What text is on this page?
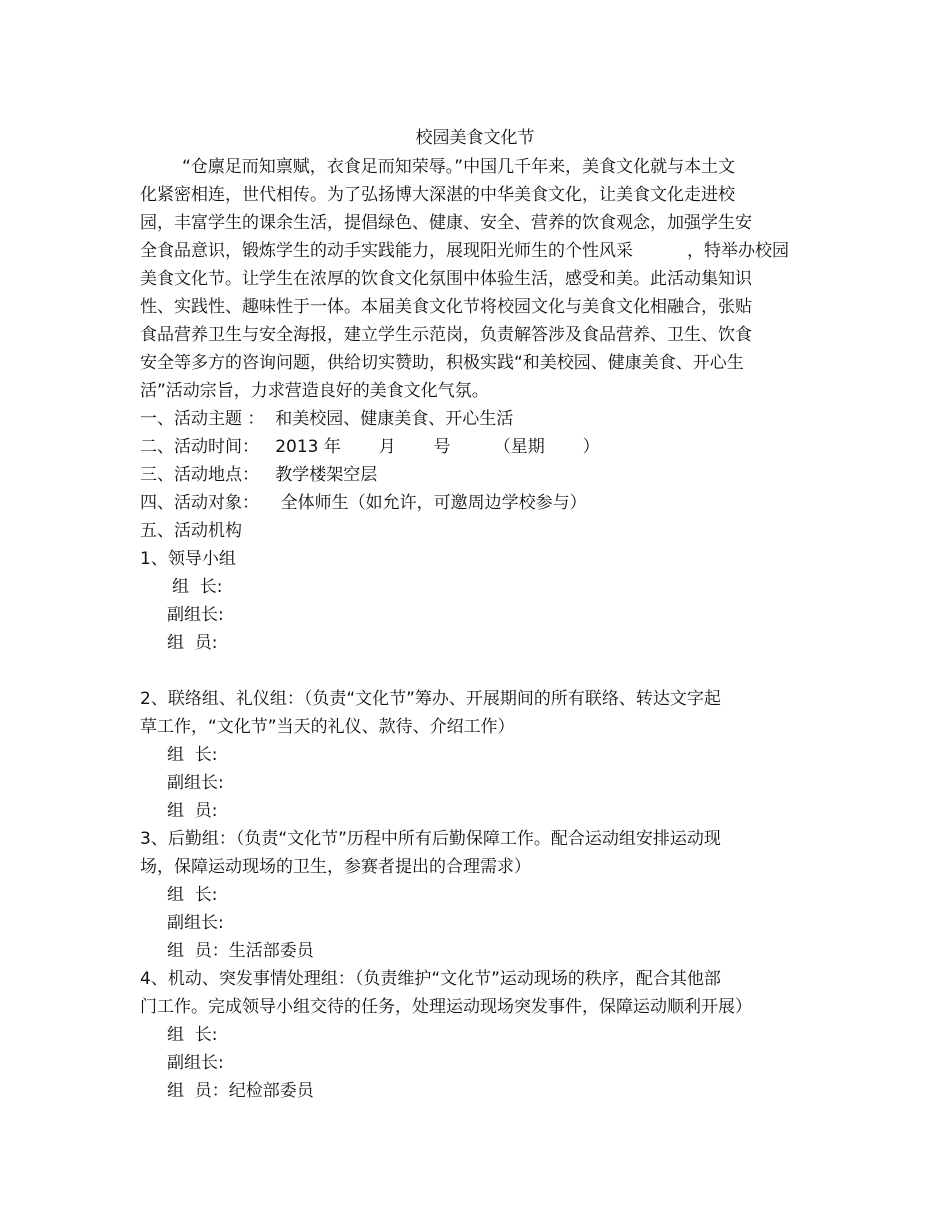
校园美食文化节
“仓廪足而知禀赋，衣食足而知荣辱。”中国几千年来，美食文化就与本土文
化紧密相连，世代相传。为了弘扬博大深湛的中华美食文化，让美食文化走进校
园，丰富学生的课余生活，提倡绿色、健康、安全、营养的饮食观念，加强学生安
全食品意识，锻炼学生的动手实践能力，展现阳光师生的个性风采          ，特举办校园
美食文化节。让学生在浓厚的饮食文化氛围中体验生活，感受和美。此活动集知识
性、实践性、趣味性于一体。本届美食文化节将校园文化与美食文化相融合，张贴
食品营养卫生与安全海报，建立学生示范岗，负责解答涉及食品营养、卫生、饮食
安全等多方的咨询问题，供给切实赞助，积极实践“和美校园、健康美食、开心生
活”活动宗旨，力求营造良好的美食文化气氛。
一、活动主题 ：  和美校园、健康美食、开心生活
二、活动时间：   2013 年       月       号        （星期       ）
三、活动地点：   教学楼架空层
四、活动对象：    全体师生（如允许，可邀周边学校参与）
五、活动机构
1、领导小组
组  长:
副组长:
组  员:
2、联络组、礼仪组：（负责“文化节”筹办、开展期间的所有联络、转达文字起
草工作，“文化节”当天的礼仪、款待、介绍工作）
组  长:
副组长:
组  员:
3、后勤组：（负责“文化节”历程中所有后勤保障工作。配合运动组安排运动现
场，保障运动现场的卫生，参赛者提出的合理需求）
组  长:
副组长:
组  员：生活部委员
4、机动、突发事情处理组：（负责维护“文化节”运动现场的秩序，配合其他部
门工作。完成领导小组交待的任务，处理运动现场突发事件，保障运动顺利开展）
组  长:
副组长:
组  员：纪检部委员
